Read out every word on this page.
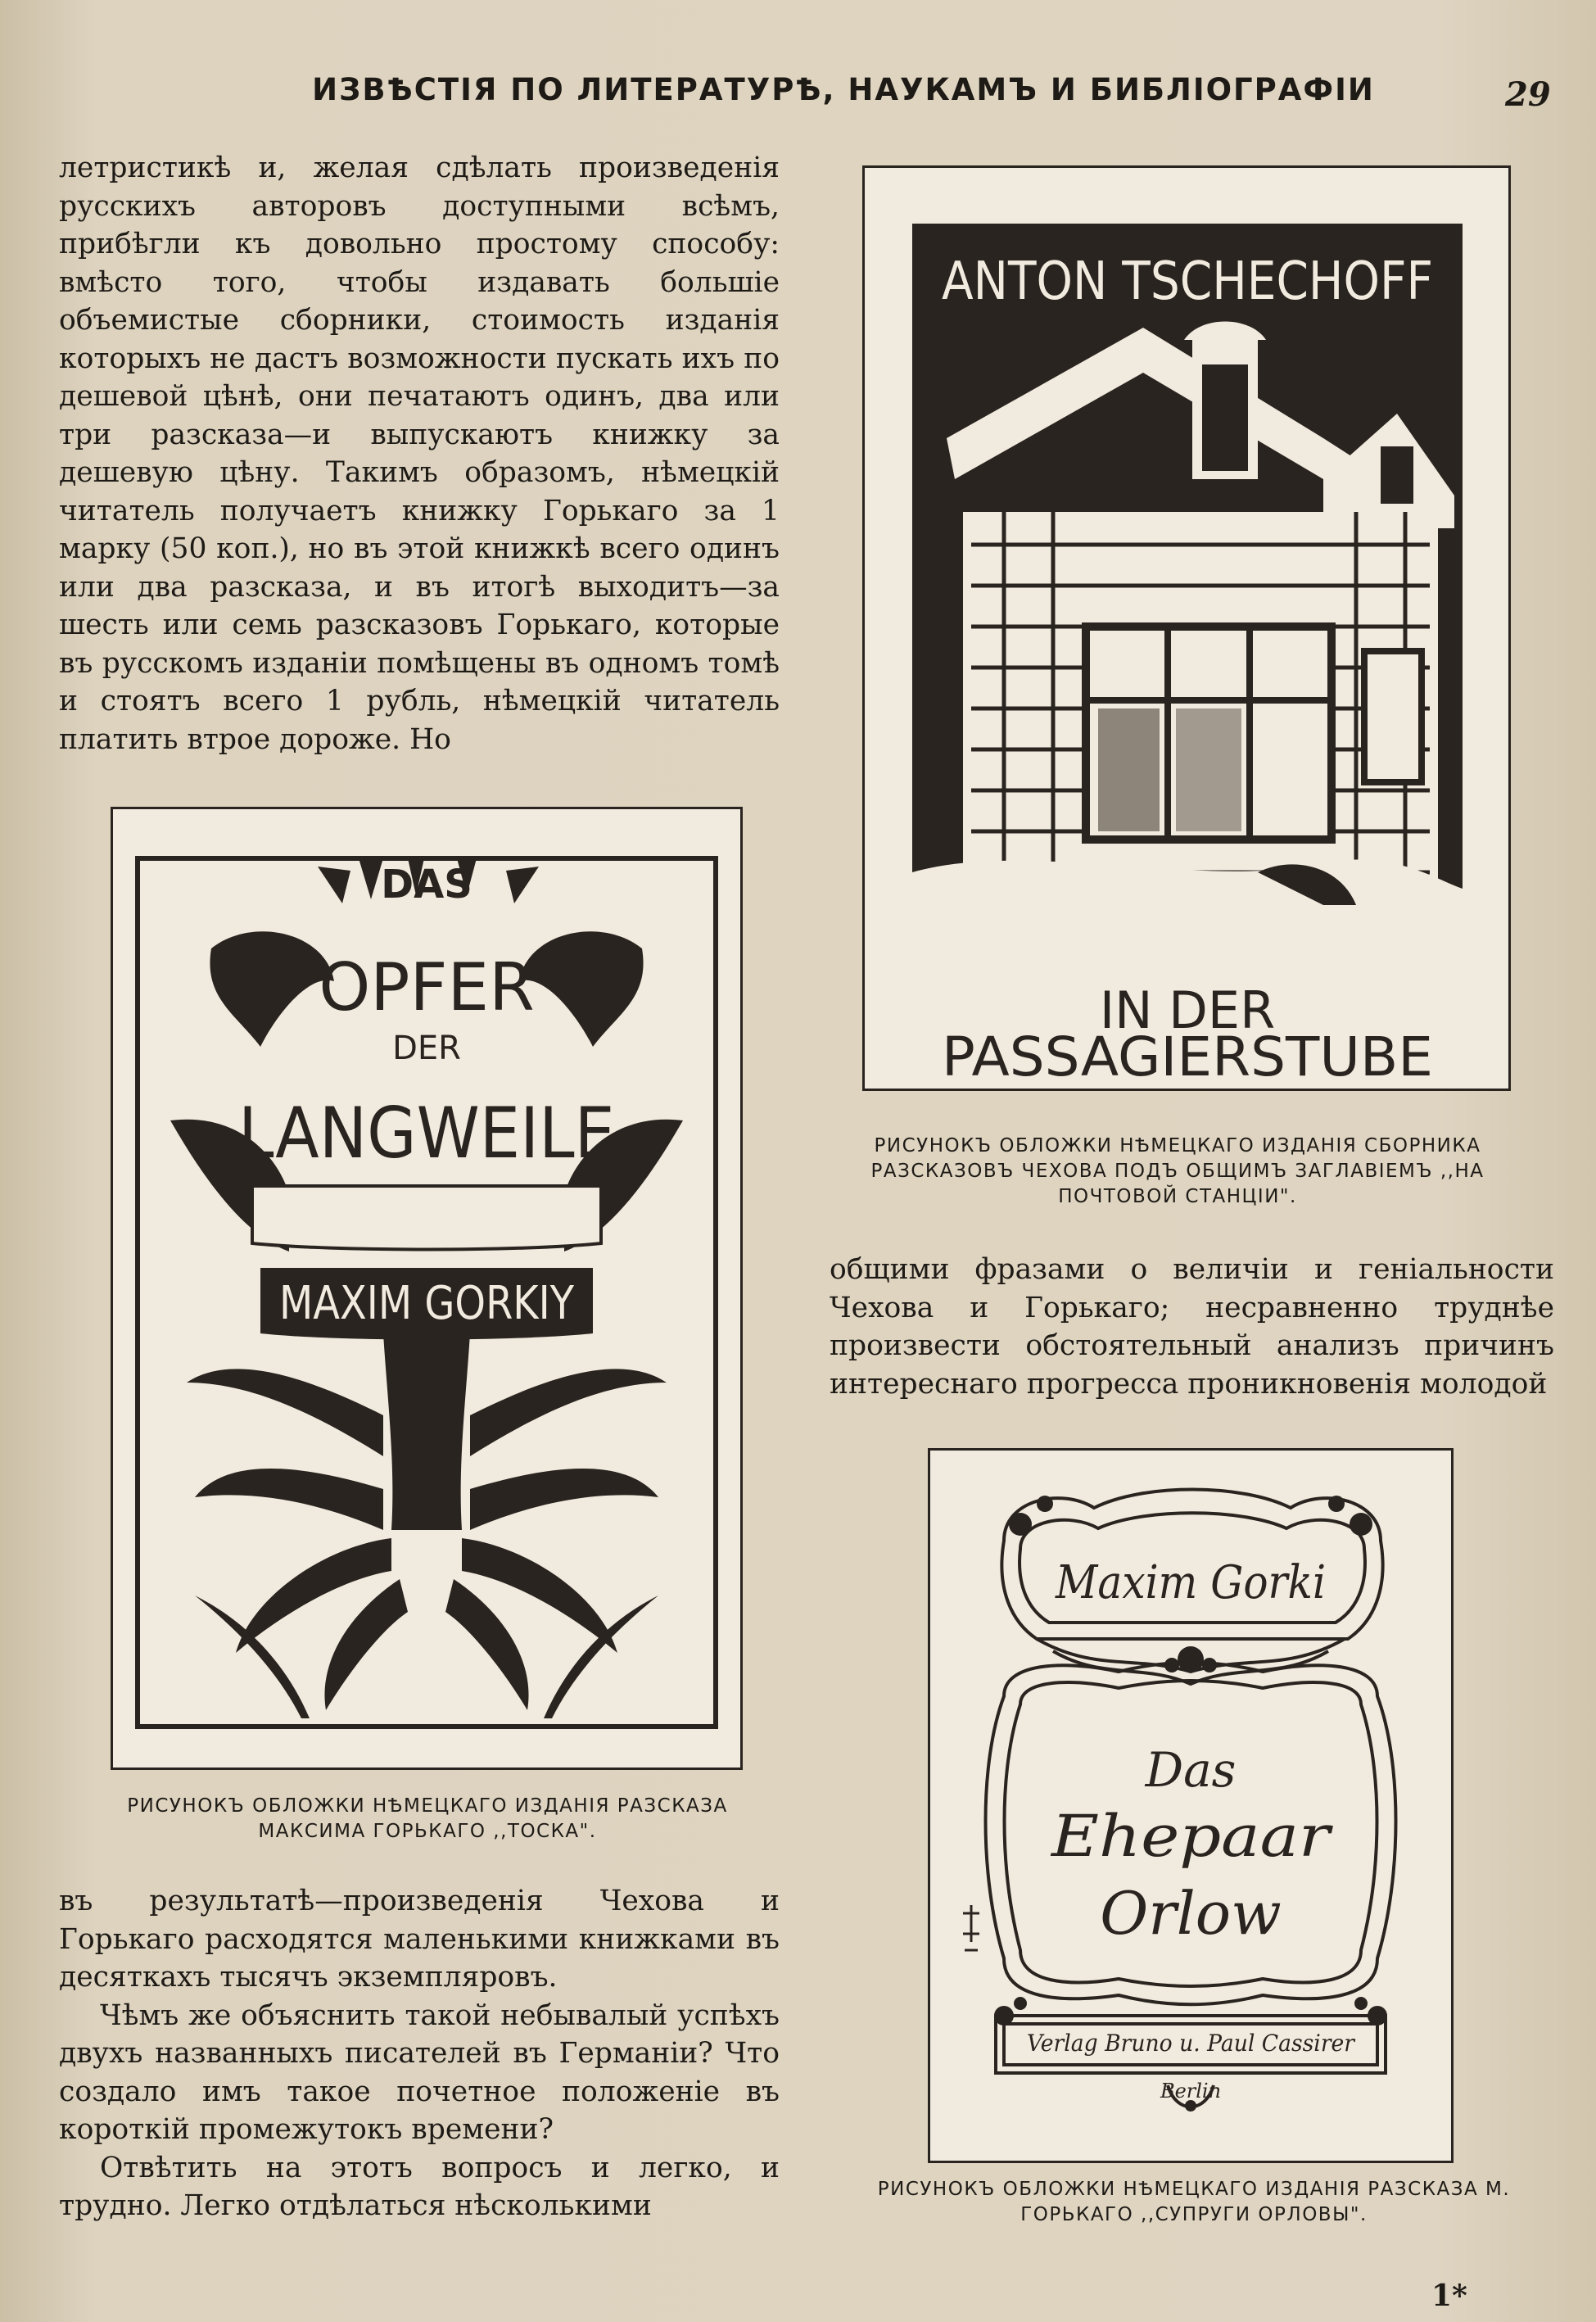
ИЗВѢСТІЯ ПО ЛИТЕРАТУРѢ, НАУКАМЪ И БИБЛІОГРАФІИ	29

летристикѣ и, желая сдѣлать произведенія русскихъ авторовъ доступными всѣмъ, прибѣгли къ довольно простому способу: вмѣсто того, чтобы издавать большіе объемистые сборники, стоимость изданія которыхъ не дастъ возможности пускать ихъ по дешевой цѣнѣ, они печатаютъ одинъ, два или три разсказа—и выпускаютъ книжку за дешевую цѣну. Такимъ образомъ, нѣмецкій читатель получаетъ книжку Горькаго за 1 марку (50 коп.), но въ этой книжкѣ всего одинъ или два разсказа, и въ итогѣ выходитъ—за шесть или семь разсказовъ Горькаго, которые въ русскомъ изданіи помѣщены въ одномъ томѣ и стоятъ всего 1 рубль, нѣмецкій читатель платить втрое дороже. Но

DAS
OPFER
DER
LANGWEILE
MAXIM GORKIY
РИСУНОКЪ ОБЛОЖКИ НѢМЕЦКАГО ИЗДАНІЯ РАЗСКАЗА МАКСИМА ГОРЬКАГО ,,ТОСКА".

въ результатѣ—произведенія Чехова и Горькаго расходятся маленькими книжками въ десяткахъ тысячъ экземпляровъ.

Чѣмъ же объяснить такой небывалый успѣхъ двухъ названныхъ писателей въ Германіи? Что создало имъ такое почетное положеніе въ короткій промежутокъ времени?

Отвѣтить на этотъ вопросъ и легко, и трудно. Легко отдѣлаться нѣсколькими

ANTON TSCHECHOFF
IN DER
PASSAGIERSTUBE
PS
РИСУНОКЪ ОБЛОЖКИ НѢМЕЦКАГО ИЗДАНІЯ СБОРНИКА РАЗСКАЗОВЪ ЧЕХОВА ПОДЪ ОБЩИМЪ ЗАГЛАВІЕМЪ ,,НА ПОЧТОВОЙ СТАНЦІИ".

общими фразами о величіи и геніальности Чехова и Горькаго; несравненно труднѣе произвести обстоятельный анализъ причинъ интереснаго прогресса проникновенія молодой

Maxim Gorki
Das
Ehepaar
Orlow
Verlag Bruno u. Paul Cassirer
Berlin
РИСУНОКЪ ОБЛОЖКИ НѢМЕЦКАГО ИЗДАНІЯ РАЗСКАЗА М. ГОРЬКАГО ,,СУПРУГИ ОРЛОВЫ".
1*
